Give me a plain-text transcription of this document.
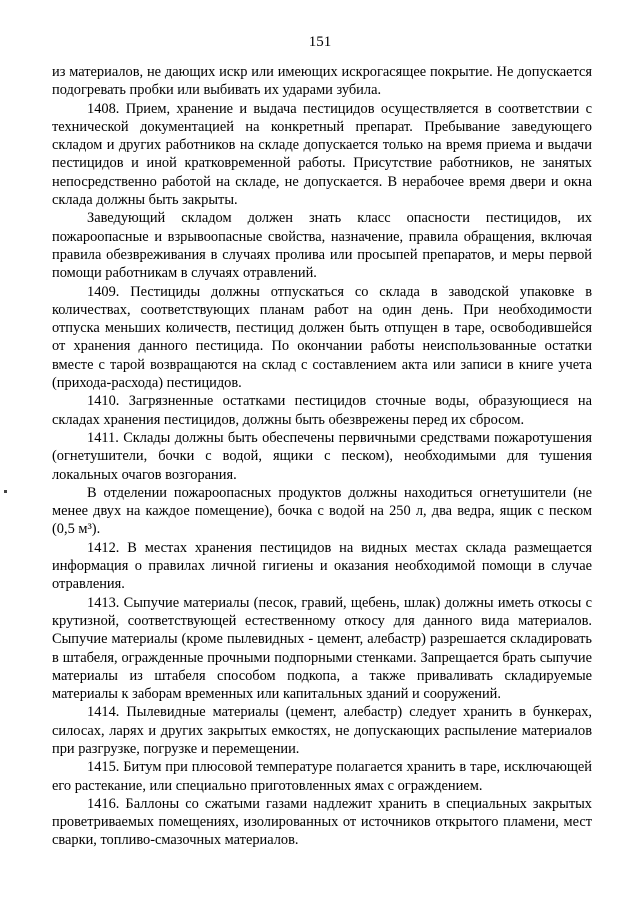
151

из материалов, не дающих искр или имеющих искрогасящее покрытие. Не допускается подогревать пробки или выбивать их ударами зубила.

1408. Прием, хранение и выдача пестицидов осуществляется в соответствии с технической документацией на конкретный препарат. Пребывание заведующего складом и других работников на складе допускается только на время приема и выдачи пестицидов и иной кратковременной работы. Присутствие работников, не занятых непосредственно работой на складе, не допускается. В нерабочее время двери и окна склада должны быть закрыты.

Заведующий складом должен знать класс опасности пестицидов, их пожароопасные и взрывоопасные свойства, назначение, правила обращения, включая правила обезвреживания в случаях пролива или просыпей препаратов, и меры первой помощи работникам в случаях отравлений.

1409. Пестициды должны отпускаться со склада в заводской упаковке в количествах, соответствующих планам работ на один день. При необходимости отпуска меньших количеств, пестицид должен быть отпущен в таре, освободившейся от хранения данного пестицида. По окончании работы неиспользованные остатки вместе с тарой возвращаются на склад с составлением акта или записи в книге учета (прихода-расхода) пестицидов.

1410. Загрязненные остатками пестицидов сточные воды, образующиеся на складах хранения пестицидов, должны быть обезврежены перед их сбросом.

1411. Склады должны быть обеспечены первичными средствами пожаротушения (огнетушители, бочки с водой, ящики с песком), необходимыми для тушения локальных очагов возгорания.

В отделении пожароопасных продуктов должны находиться огнетушители (не менее двух на каждое помещение), бочка с водой на 250 л, два ведра, ящик с песком (0,5 м³).

1412. В местах хранения пестицидов на видных местах склада размещается информация о правилах личной гигиены и оказания необходимой помощи в случае отравления.

1413. Сыпучие материалы (песок, гравий, щебень, шлак) должны иметь откосы с крутизной, соответствующей естественному откосу для данного вида материалов. Сыпучие материалы (кроме пылевидных - цемент, алебастр) разрешается складировать в штабеля, огражденные прочными подпорными стенками. Запрещается брать сыпучие материалы из штабеля способом подкопа, а также приваливать складируемые материалы к заборам временных или капитальных зданий и сооружений.

1414. Пылевидные материалы (цемент, алебастр) следует хранить в бункерах, силосах, ларях и других закрытых емкостях, не допускающих распыление материалов при разгрузке, погрузке и перемещении.

1415. Битум при плюсовой температуре полагается хранить в таре, исключающей его растекание, или специально приготовленных ямах с ограждением.

1416. Баллоны со сжатыми газами надлежит хранить в специальных закрытых проветриваемых помещениях, изолированных от источников открытого пламени, мест сварки, топливо-смазочных материалов.
